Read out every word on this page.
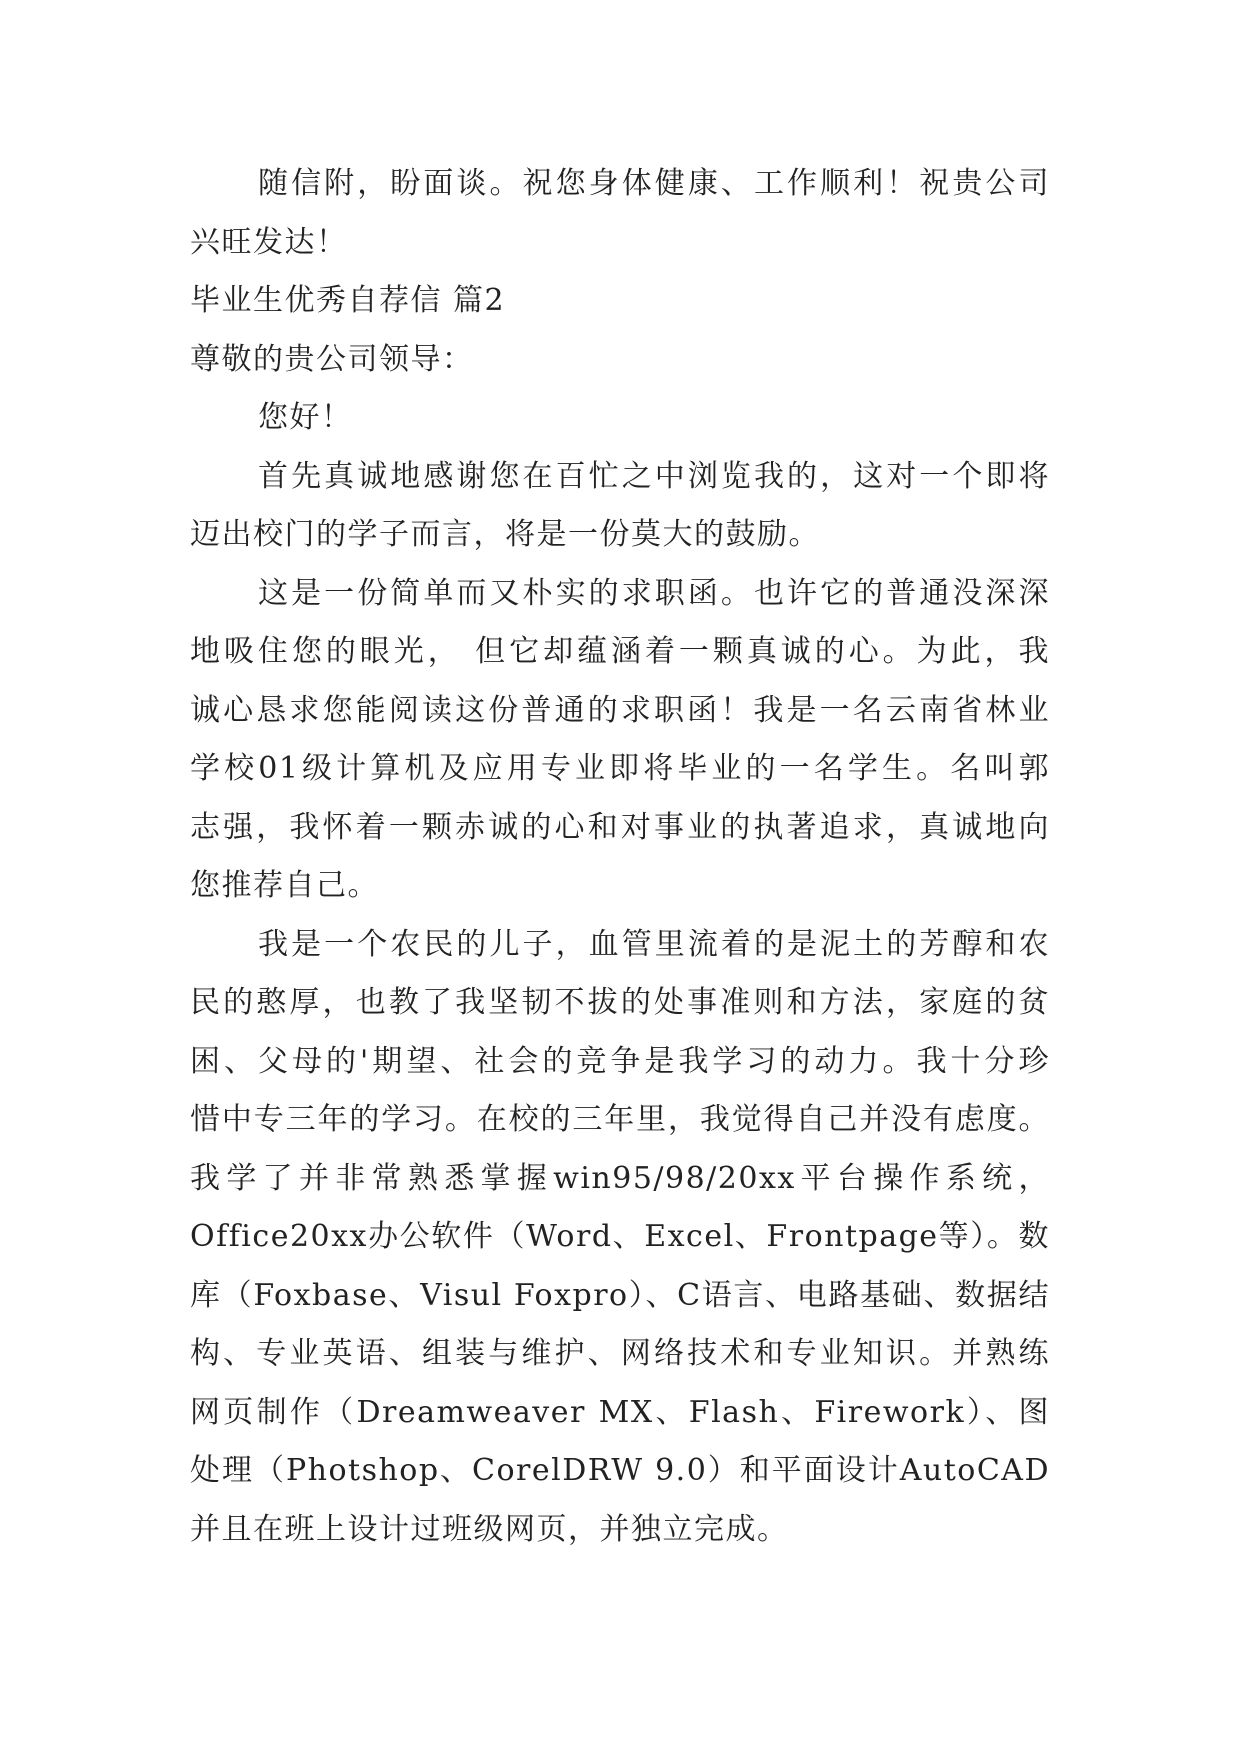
随信附，盼面谈。祝您身体健康、工作顺利！祝贵公司
兴旺发达！
毕业生优秀自荐信 篇2
尊敬的贵公司领导：
您好！
首先真诚地感谢您在百忙之中浏览我的，这对一个即将
迈出校门的学子而言，将是一份莫大的鼓励。
这是一份简单而又朴实的求职函。也许它的普通没深深
地吸住您的眼光， 但它却蕴涵着一颗真诚的心。为此，我
诚心恳求您能阅读这份普通的求职函！我是一名云南省林业
学校01级计算机及应用专业即将毕业的一名学生。名叫郭
志强，我怀着一颗赤诚的心和对事业的执著追求，真诚地向
您推荐自己。
我是一个农民的儿子，血管里流着的是泥土的芳醇和农
民的憨厚，也教了我坚韧不拔的处事准则和方法，家庭的贫
困、父母的'期望、社会的竞争是我学习的动力。我十分珍
惜中专三年的学习。在校的三年里，我觉得自己并没有虑度。
我学了并非常熟悉掌握win95/98/20xx平台操作系统，
Office20xx办公软件（Word、Excel、Frontpage等）。数
库（Foxbase、Visul Foxpro）、C语言、电路基础、数据结
构、专业英语、组装与维护、网络技术和专业知识。并熟练
网页制作（Dreamweaver MX、Flash、Firework）、图
处理（Photshop、CorelDRW 9.0）和平面设计AutoCAD
并且在班上设计过班级网页，并独立完成。
